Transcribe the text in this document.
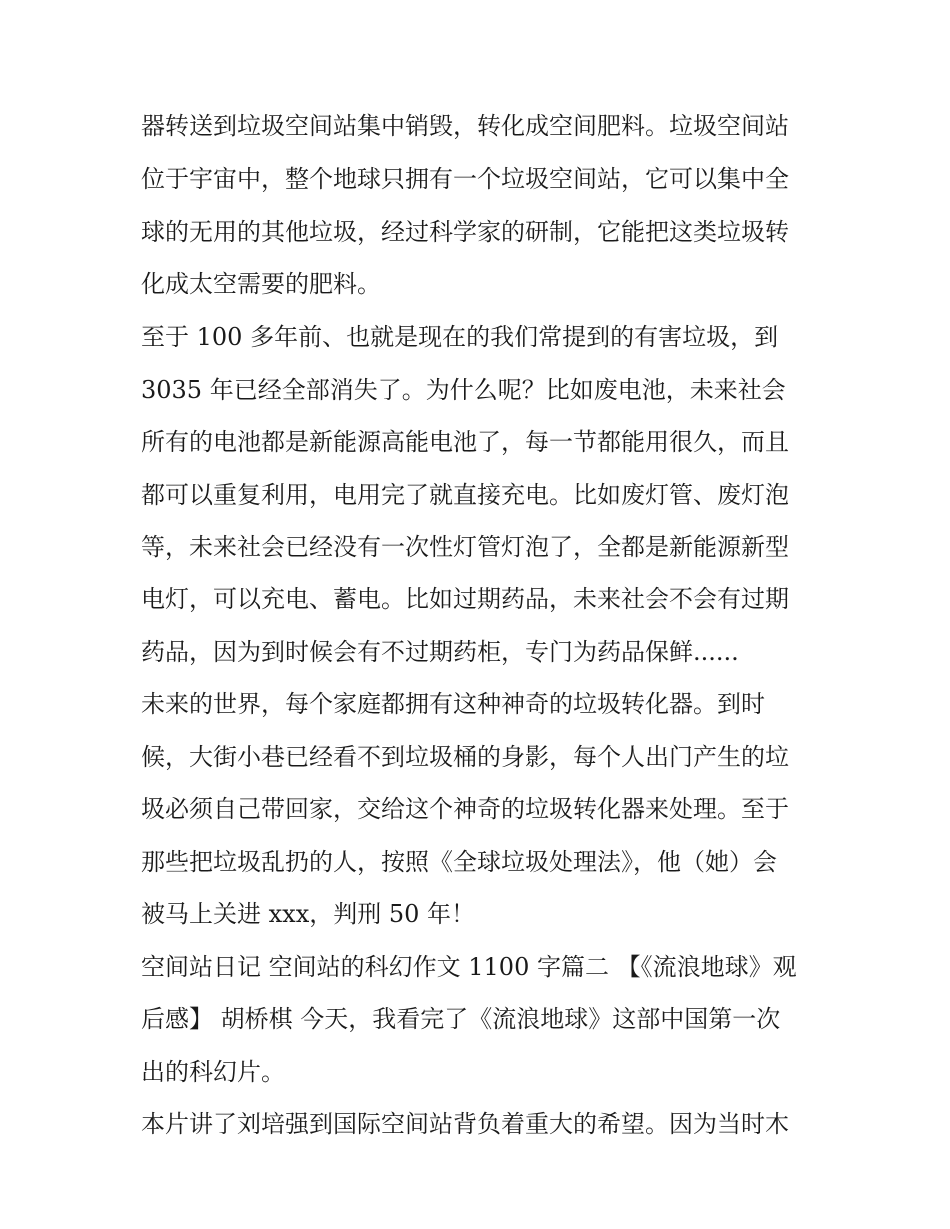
器转送到垃圾空间站集中销毁，转化成空间肥料。垃圾空间站
位于宇宙中，整个地球只拥有一个垃圾空间站，它可以集中全
球的无用的其他垃圾，经过科学家的研制，它能把这类垃圾转
化成太空需要的肥料。
至于 100 多年前、也就是现在的我们常提到的有害垃圾，到
3035 年已经全部消失了。为什么呢？比如废电池，未来社会
所有的电池都是新能源高能电池了，每一节都能用很久，而且
都可以重复利用，电用完了就直接充电。比如废灯管、废灯泡
等，未来社会已经没有一次性灯管灯泡了，全都是新能源新型
电灯，可以充电、蓄电。比如过期药品，未来社会不会有过期
药品，因为到时候会有不过期药柜，专门为药品保鲜......
未来的世界，每个家庭都拥有这种神奇的垃圾转化器。到时
候，大街小巷已经看不到垃圾桶的身影，每个人出门产生的垃
圾必须自己带回家，交给这个神奇的垃圾转化器来处理。至于
那些把垃圾乱扔的人，按照《全球垃圾处理法》，他（她）会
被马上关进 xxx，判刑 50 年！
空间站日记 空间站的科幻作文 1100 字篇二 【《流浪地球》观
后感】 胡桥棋 今天，我看完了《流浪地球》这部中国第一次
出的科幻片。
本片讲了刘培强到国际空间站背负着重大的希望。因为当时木
